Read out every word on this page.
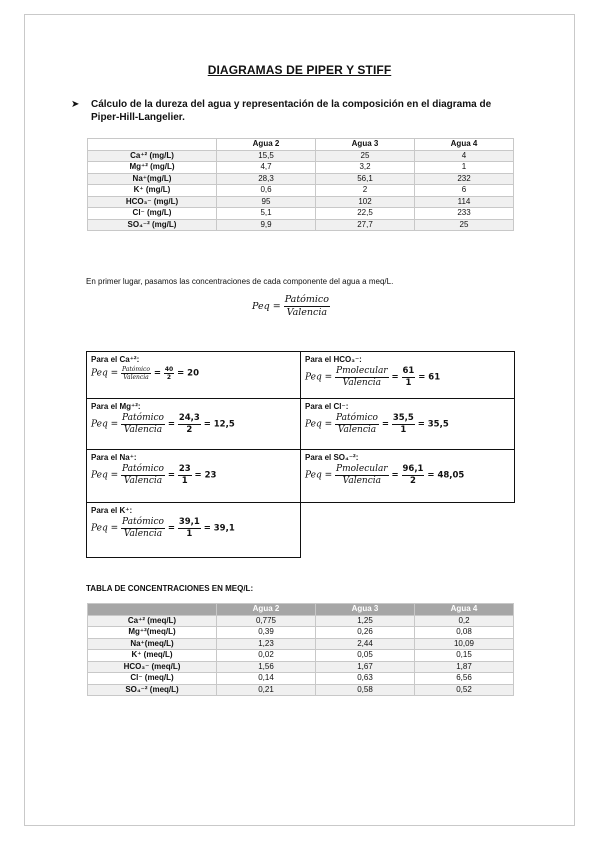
DIAGRAMAS DE PIPER Y STIFF
➤ Cálculo de la dureza del agua y representación de la composición en el diagrama de Piper-Hill-Langelier.
	Agua 2	Agua 3	Agua 4
Ca⁺² (mg/L)	15,5	25	4
Mg⁺² (mg/L)	4,7	3,2	1
Na⁺(mg/L)	28,3	56,1	232
K⁺ (mg/L)	0,6	2	6
HCO₃⁻ (mg/L)	95	102	114
Cl⁻ (mg/L)	5,1	22,5	233
SO₄⁻² (mg/L)	9,9	27,7	25
En primer lugar, pasamos las concentraciones de cada componente del agua a meq/L.
Peq = $\frac{\text{Patómico}}{\text{Valencia}}$
Para el Ca⁺²:
Peq = $\frac{\text{Patómico}}{\text{Valencia}} = \frac{40}{2} = 20$
Para el HCO₃⁻:
Peq = $\frac{\text{Pmolecular}}{\text{Valencia}} = \frac{61}{1} = 61$
Para el Mg⁺²:
Peq = $\frac{\text{Patómico}}{\text{Valencia}} = \frac{24,3}{2} = 12,5$
Para el Cl⁻:
Peq = $\frac{\text{Patómico}}{\text{Valencia}} = \frac{35,5}{1} = 35,5$
Para el Na⁺:
Peq = $\frac{\text{Patómico}}{\text{Valencia}} = \frac{23}{1} = 23$
Para el SO₄⁻²:
Peq = $\frac{\text{Pmolecular}}{\text{Valencia}} = \frac{96,1}{2} = 48,05$
Para el K⁺:
Peq = $\frac{\text{Patómico}}{\text{Valencia}} = \frac{39,1}{1} = 39,1$
TABLA DE CONCENTRACIONES EN MEQ/L:
	Agua 2	Agua 3	Agua 4
Ca⁺² (meq/L)	0,775	1,25	0,2
Mg⁺²(meq/L)	0,39	0,26	0,08
Na⁺(meq/L)	1,23	2,44	10,09
K⁺ (meq/L)	0,02	0,05	0,15
HCO₃⁻ (meq/L)	1,56	1,67	1,87
Cl⁻ (meq/L)	0,14	0,63	6,56
SO₄⁻² (meq/L)	0,21	0,58	0,52
